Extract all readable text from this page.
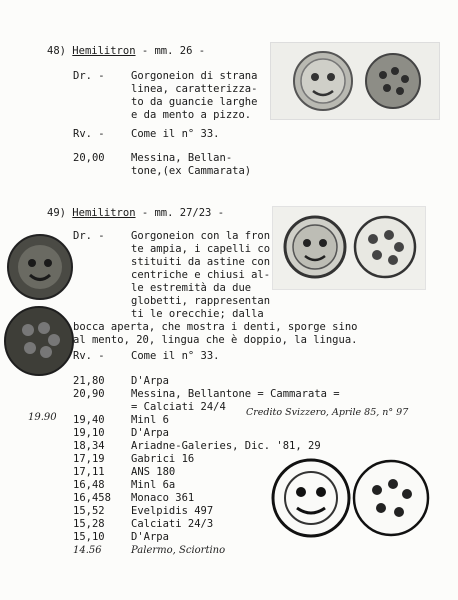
48) Hemilitron - mm. 26 -
Dr. -	Gorgoneion di strana
linea, caratterizza-
to da guancie larghe
e da mento a pizzo.
Rv. -	Come il n° 33.
20,00	Messina, Bellan-
tone,(ex Cammarata)
49) Hemilitron - mm. 27/23 -
Dr. -	Gorgoneion con la fron
te ampia, i capelli co
stituiti da astine con
centriche e chiusi al-
le estremità da due
globetti, rappresentan
ti le orecchie; dalla
bocca aperta, che mostra i denti, sporge sino
al mento, 20, lingua che è doppio, la lingua.
Rv. -	Come il n° 33.
21,80	D'Arpa
20,90	Messina, Bellantone = Cammarata =
= Calciati 24/4
19,40	Minl 6
19,10	D'Arpa
18,34	Ariadne-Galeries, Dic. '81, 29
17,19	Gabrici 16
17,11	ANS 180
16,48	Minl 6a
16,458 Monaco 361
15,52	Evelpidis 497
15,28	Calciati 24/3
15,10	D'Arpa
19.90	Credito Svizzero, Aprile 85, n° 97
14.56	Palermo, Sciortino
